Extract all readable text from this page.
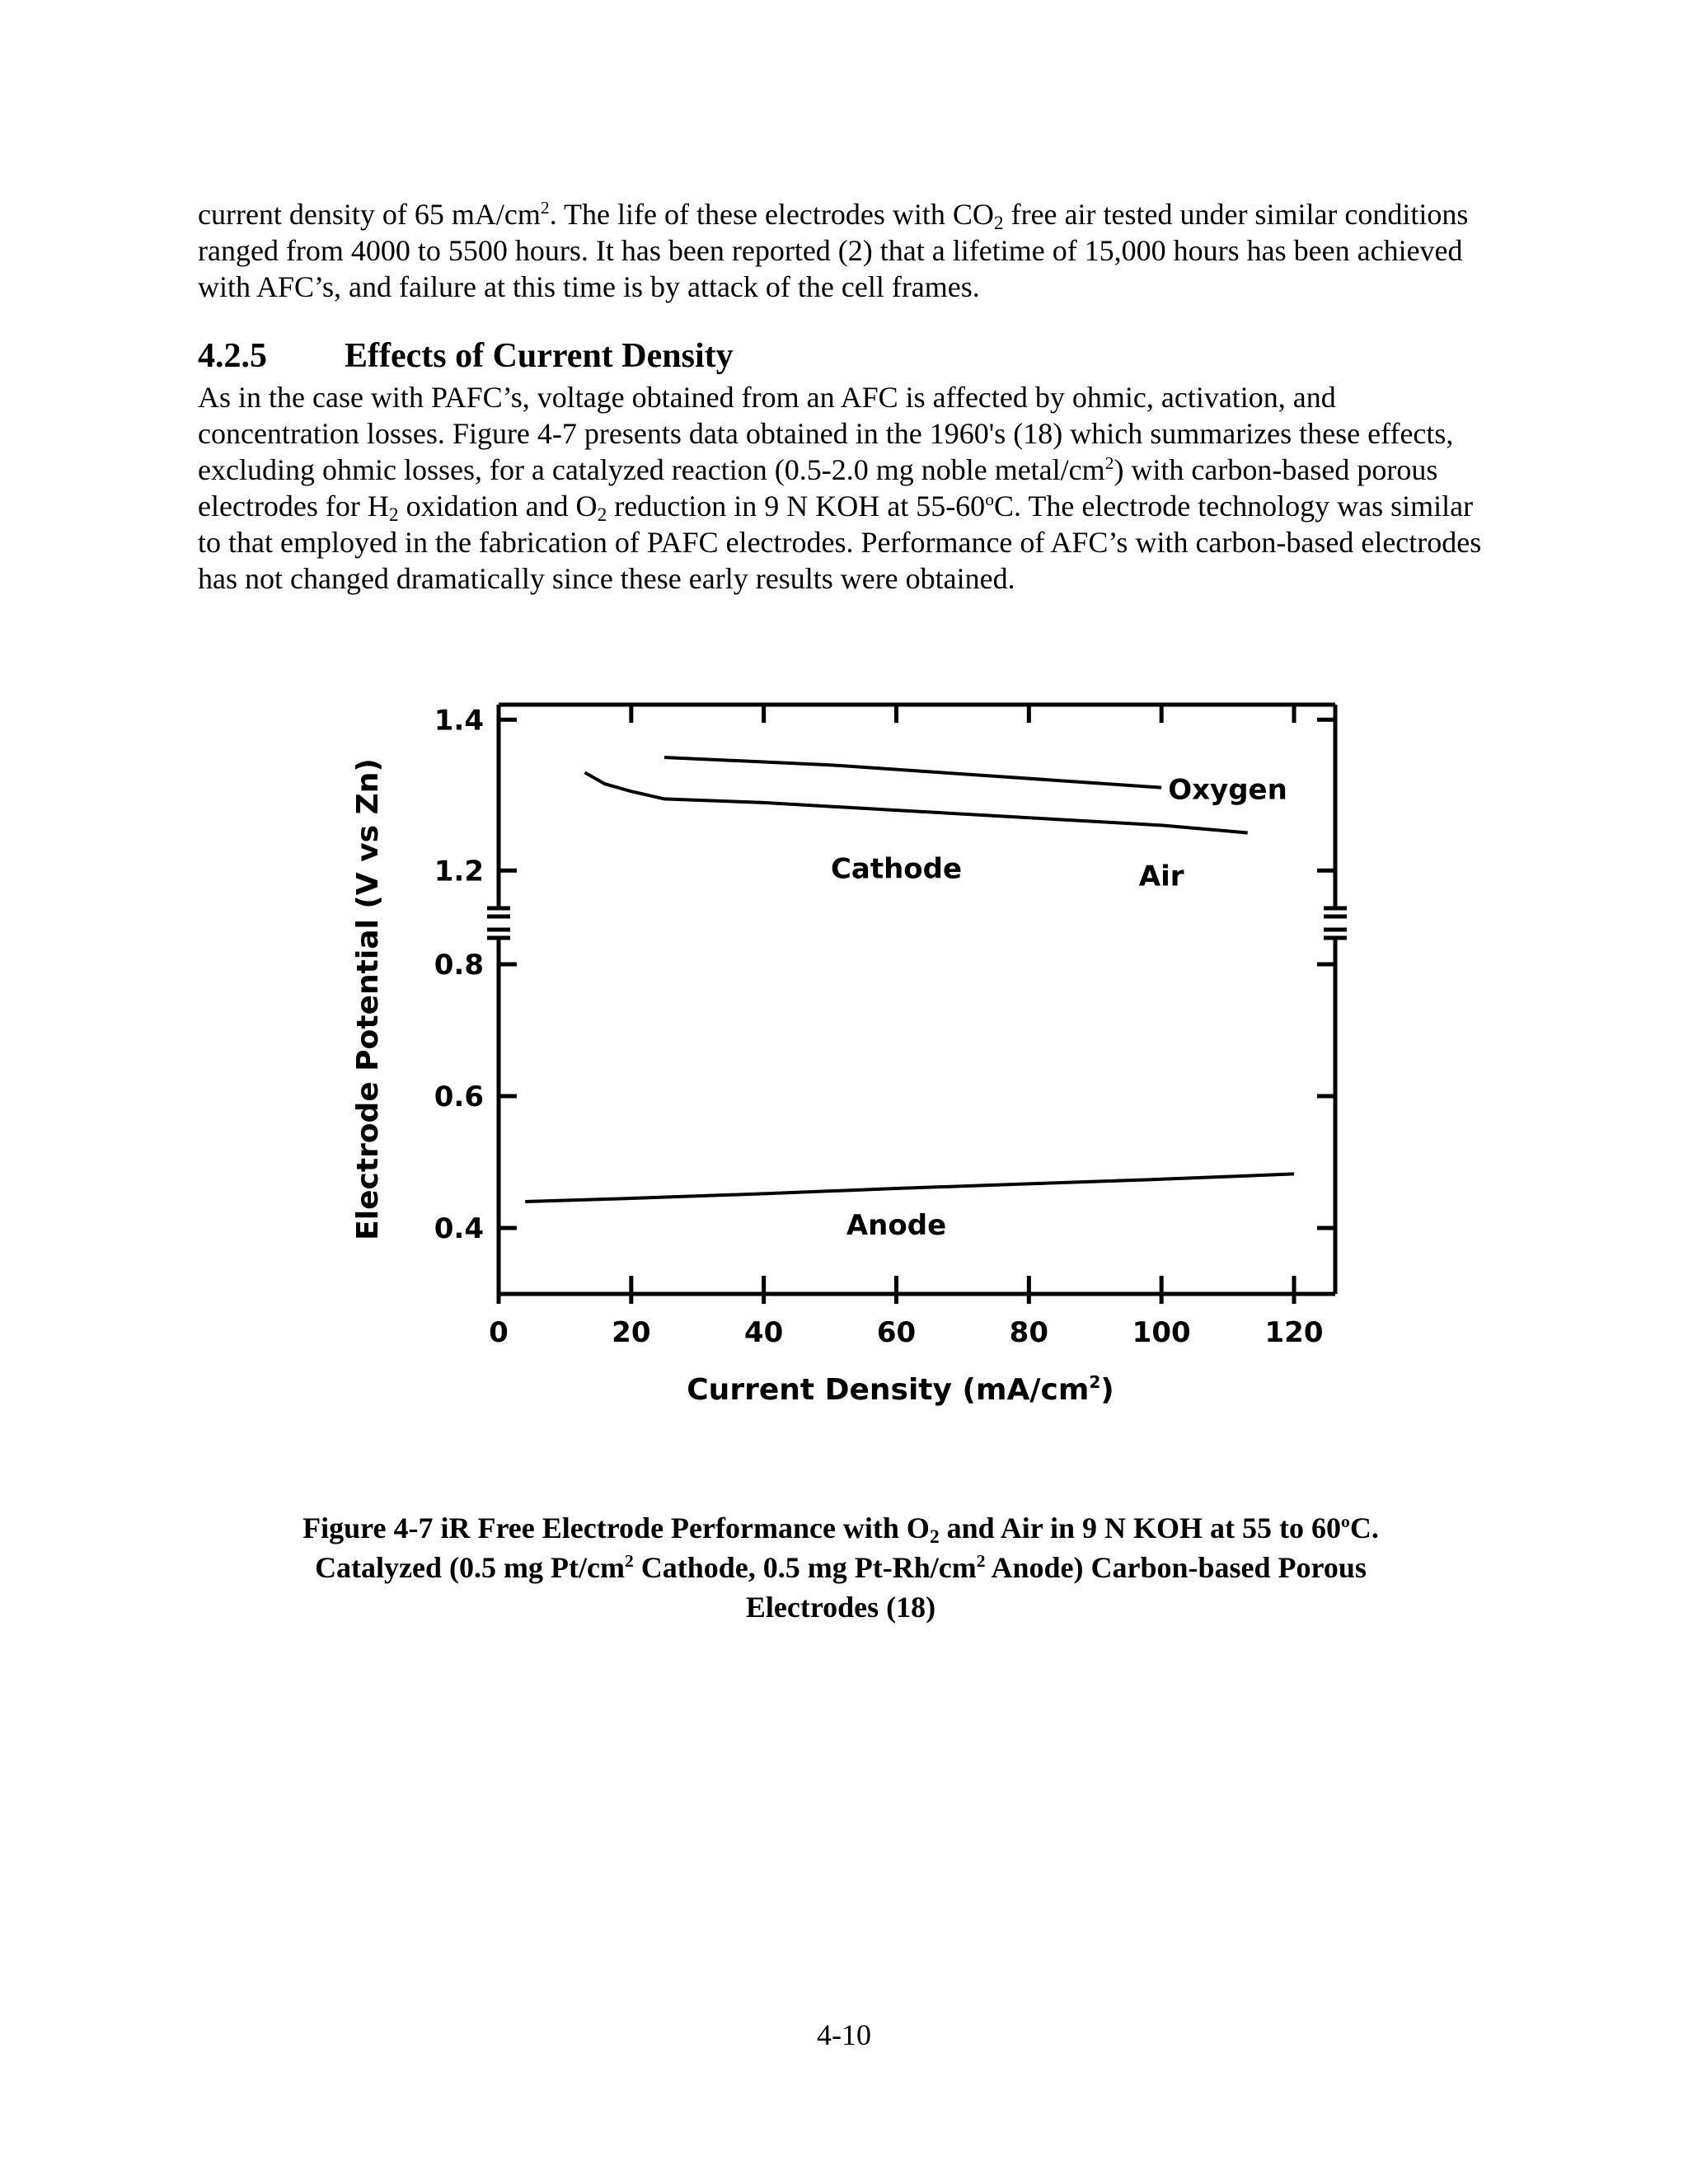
current density of 65 $mA/cm^2$. The life of these electrodes with $CO_2$ free air tested under similar conditions ranged from 4000 to 5500 hours. It has been reported (2) that a lifetime of 15,000 hours has been achieved with AFC’s, and failure at this time is by attack of the cell frames.

4.2.5 Effects of Current Density

As in the case with PAFC’s, voltage obtained from an AFC is affected by ohmic, activation, and concentration losses. Figure 4-7 presents data obtained in the 1960's (18) which summarizes these effects, excluding ohmic losses, for a catalyzed reaction (0.5-2.0 mg noble metal/$cm^2$) with carbon-based porous electrodes for $H_2$ oxidation and $O_2$ reduction in 9 N KOH at 55-60$^o$C. The electrode technology was similar to that employed in the fabrication of PAFC electrodes. Performance of AFC’s with carbon-based electrodes has not changed dramatically since these early results were obtained.

Electrode Potential (V vs Zn)
Current Density $(mA/cm^2)$
Cathode
Oxygen
Air
Anode
0	20	40	60	80	100	120
1.4
1.2
0.8
0.6
0.4

Figure 4-7 iR Free Electrode Performance with $O_2$ and Air in 9 N KOH at 55 to 60$^o$C.
Catalyzed (0.5 mg $Pt/cm^2$ Cathode, 0.5 mg $Pt-Rh/cm^2$ Anode) Carbon-based Porous
Electrodes (18)

4-10
